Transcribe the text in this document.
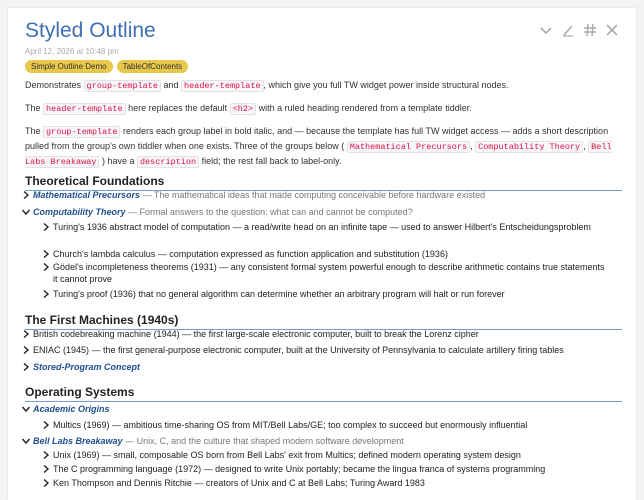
Styled Outline
April 12, 2026 at 10:48 pm
Simple Outline Demo	TableOfContents

Demonstrates group-template and header-template , which give you full TW widget power inside structural nodes.

The header-template here replaces the default <h2> with a ruled heading rendered from a template tiddler.

The group-template renders each group label in bold italic, and — because the template has full TW widget access — adds a short description pulled from the group's own tiddler when one exists. Three of the groups below ( Mathematical Precursors , Computability Theory , Bell Labs Breakaway ) have a description field; the rest fall back to label-only.

Theoretical Foundations
Mathematical Precursors — The mathematical ideas that made computing conceivable before hardware existed
Computability Theory — Formal answers to the question: what can and cannot be computed?
Turing's 1936 abstract model of computation — a read/write head on an infinite tape — used to answer Hilbert's Entscheidungsproblem
Church's lambda calculus — computation expressed as function application and substitution (1936)
Gödel's incompleteness theorems (1931) — any consistent formal system powerful enough to describe arithmetic contains true statements it cannot prove
Turing's proof (1936) that no general algorithm can determine whether an arbitrary program will halt or run forever
The First Machines (1940s)
British codebreaking machine (1944) — the first large-scale electronic computer, built to break the Lorenz cipher
ENIAC (1945) — the first general-purpose electronic computer, built at the University of Pennsylvania to calculate artillery firing tables
Stored-Program Concept
Operating Systems
Academic Origins
Multics (1969) — ambitious time-sharing OS from MIT/Bell Labs/GE; too complex to succeed but enormously influential
Bell Labs Breakaway — Unix, C, and the culture that shaped modern software development
Unix (1969) — small, composable OS born from Bell Labs' exit from Multics; defined modern operating system design
The C programming language (1972) — designed to write Unix portably; became the lingua franca of systems programming
Ken Thompson and Dennis Ritchie — creators of Unix and C at Bell Labs; Turing Award 1983
